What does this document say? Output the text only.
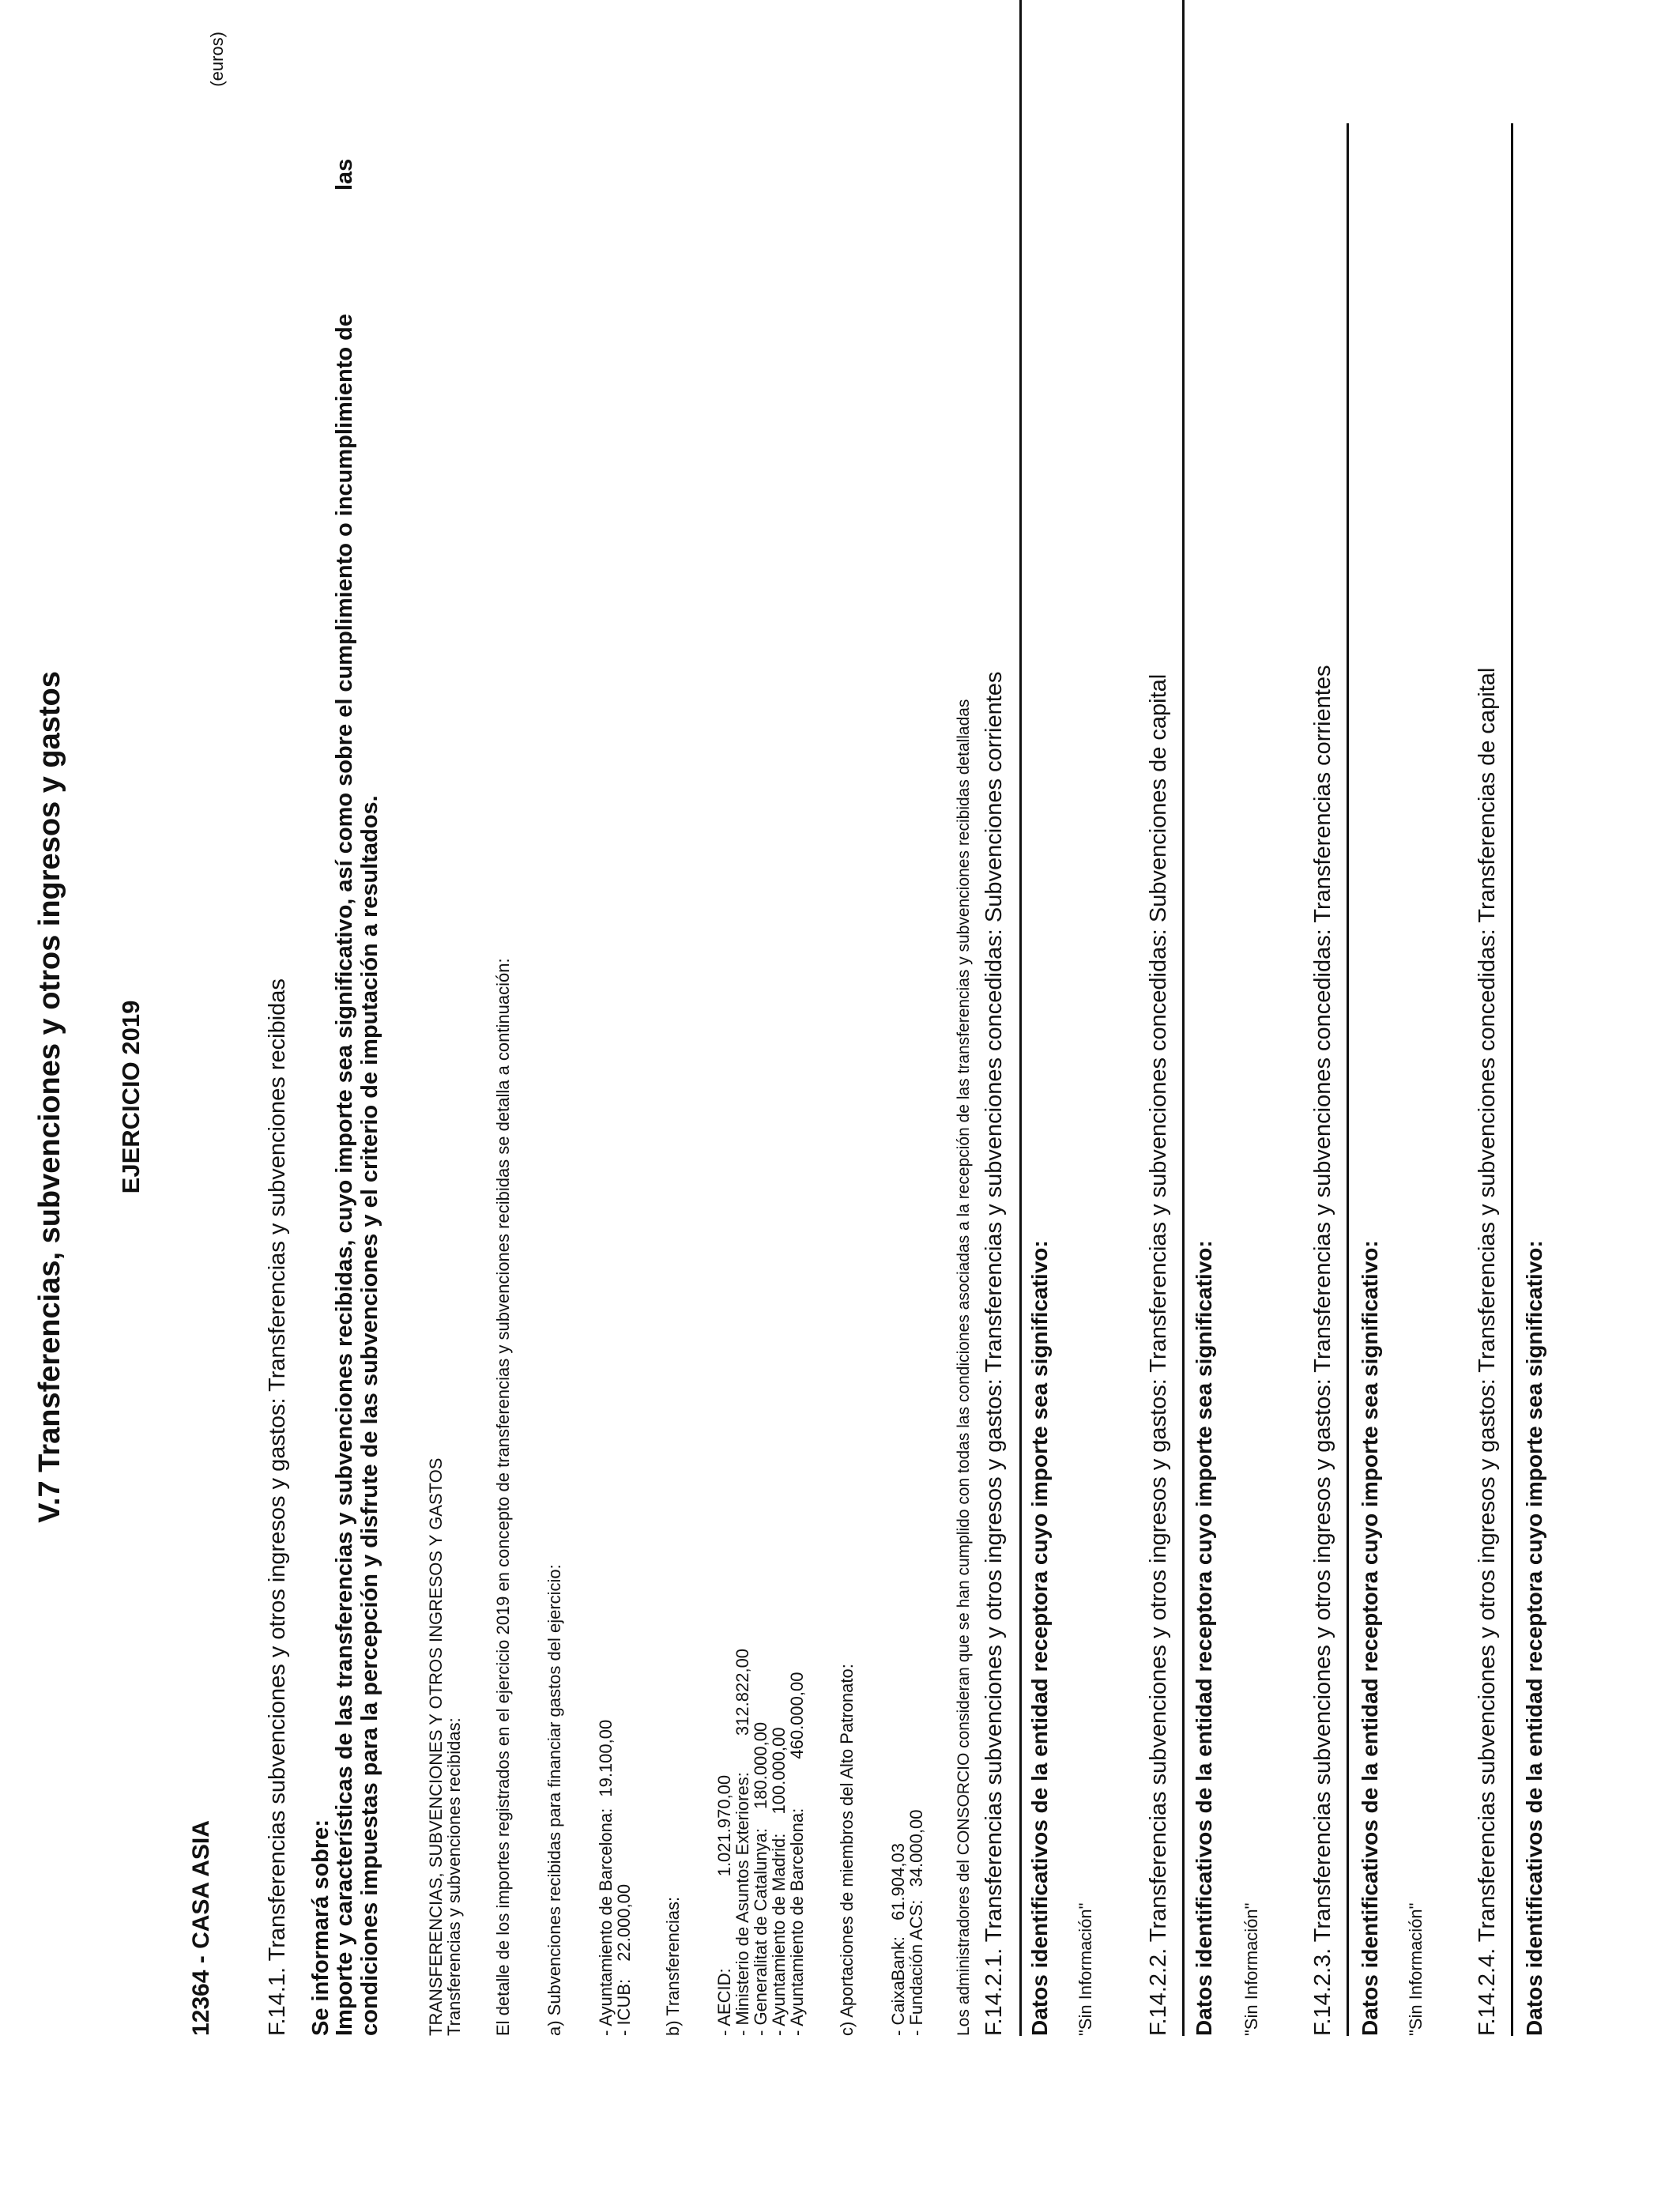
V.7 Transferencias, subvenciones y otros ingresos y gastos EJERCICIO 2019
(euros)
12364 - CASA ASIA F.14.1. Transferencias subvenciones y otros ingresos y gastos: Transferencias y subvenciones recibidas Se informará sobre:
Importe y características de las transferencias y subvenciones recibidas, cuyo importe sea significativo, así como sobre el cumplimiento o incumplimiento de
las
condiciones impuestas para la percepción y disfrute de las subvenciones y el criterio de imputación a resultados.	TRANSFERENCIAS, SUBVENCIONES Y OTROS INGRESOS Y GASTOS
Transferencias y subvenciones recibidas: El detalle de los importes registrados en el ejercicio 2019 en concepto de transferencias y subvenciones recibidas se detalla a continuación: a) Subvenciones recibidas para financiar gastos del ejercicio: - Ayuntamiento de Barcelona: 19.100,00
- ICUB: 22.000,00 b) Transferencias: - AECID: 1.021.970,00
- Ministerio de Asuntos Exteriores: 312.822,00
- Generalitat de Catalunya: 180.000,00
- Ayuntamiento de Madrid: 100.000,00
- Ayuntamiento de Barcelona: 460.000,00 c) Aportaciones de miembros del Alto Patronato: - CaixaBank: 61.904,03
- Fundación ACS: 34.000,00 Los administradores del CONSORCIO consideran que se han cumplido con todas las condiciones asociadas a la recepción de las transferencias y subvenciones recibidas detalladas F.14.2.1. Transferencias subvenciones y otros ingresos y gastos: Transferencias y subvenciones concedidas: Subvenciones corrientes Datos identificativos de la entidad receptora cuyo importe sea significativo: "Sin Información" F.14.2.2. Transferencias subvenciones y otros ingresos y gastos: Transferencias y subvenciones concedidas: Subvenciones de capital Datos identificativos de la entidad receptora cuyo importe sea significativo: "Sin Información" F.14.2.3. Transferencias subvenciones y otros ingresos y gastos: Transferencias y subvenciones concedidas: Transferencias corrientes Datos identificativos de la entidad receptora cuyo importe sea significativo: "Sin Información" F.14.2.4. Transferencias subvenciones y otros ingresos y gastos: Transferencias y subvenciones concedidas: Transferencias de capital Datos identificativos de la entidad receptora cuyo importe sea significativo:
